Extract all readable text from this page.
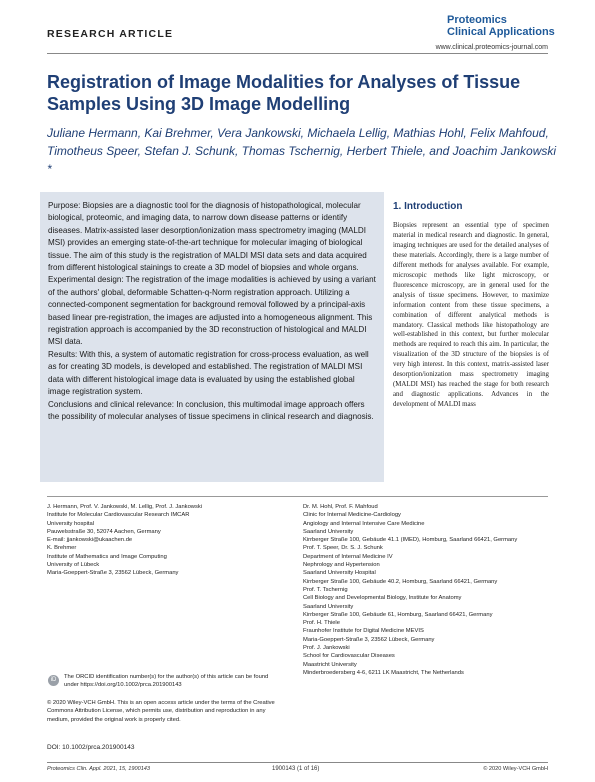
RESEARCH ARTICLE
Proteomics
Clinical Applications
www.clinical.proteomics-journal.com
Registration of Image Modalities for Analyses of Tissue Samples Using 3D Image Modelling
Juliane Hermann, Kai Brehmer, Vera Jankowski, Michaela Lellig, Mathias Hohl, Felix Mahfoud, Timotheus Speer, Stefan J. Schunk, Thomas Tschernig, Herbert Thiele, and Joachim Jankowski *

Purpose: Biopsies are a diagnostic tool for the diagnosis of histopathological, molecular biological, proteomic, and imaging data, to narrow down disease patterns or identify diseases. Matrix-assisted laser desorption/ionization mass spectrometry imaging (MALDI MSI) provides an emerging state-of-the-art technique for molecular imaging of biological tissue. The aim of this study is the registration of MALDI MSI data sets and data acquired from different histological stainings to create a 3D model of biopsies and whole organs.

Experimental design: The registration of the image modalities is achieved by using a variant of the authors' global, deformable Schatten-q-Norm registration approach. Utilizing a connected-component segmentation for background removal followed by a principal-axis based linear pre-registration, the images are adjusted into a homogeneous alignment. This registration approach is accompanied by the 3D reconstruction of histological and MALDI MSI data.

Results: With this, a system of automatic registration for cross-process evaluation, as well as for creating 3D models, is developed and established. The registration of MALDI MSI data with different histological image data is evaluated by using the established global image registration system.

Conclusions and clinical relevance: In conclusion, this multimodal image approach offers the possibility of molecular analyses of tissue specimens in clinical research and diagnosis.

1. Introduction

Biopsies represent an essential type of specimen material in medical research and diagnostic. In general, imaging techniques are used for the detailed analyses of these materials. Accordingly, there is a large number of different methods for analyses available. For example, microscopic methods like light microscopy, or fluorescence microscopy, are in general used for the analysis of tissue specimens. However, to maximize information content from these tissue specimens, a combination of different analytical methods is mandatory. Classical methods like histopathology are well-established in this context, but further molecular methods are required to reach this aim. In particular, the visualization of the 3D structure of the biopsies is of very high interest. In this context, matrix-assisted laser desorption/ionization mass spectrometry imaging (MALDI MSI) has reached the stage for both research and diagnostic applications. Advances in the development of MALDI mass

J. Hermann, Prof. V. Jankowski, M. Lellig, Prof. J. Jankowski
Institute for Molecular Cardiovascular Research IMCAR
University hospital
Pauwelsstraße 30, 52074 Aachen, Germany
E-mail: jjankowski@ukaachen.de
K. Brehmer
Institute of Mathematics and Image Computing
University of Lübeck
Maria-Goeppert-Straße 3, 23562 Lübeck, Germany
Dr. M. Hohl, Prof. F. Mahfoud
Clinic for Internal Medicine-Cardiology
Angiology and Internal Intensive Care Medicine
Saarland University
Kirrberger Straße 100, Gebäude 41.1 (IMED), Homburg, Saarland 66421, Germany
Prof. T. Speer, Dr. S. J. Schunk
Department of Internal Medicine IV
Nephrology and Hypertension
Saarland University Hospital
Kirrberger Straße 100, Gebäude 40.2, Homburg, Saarland 66421, Germany
Prof. T. Tschernig
Cell Biology and Developmental Biology, Institute for Anatomy
Saarland University
Kirrberger Straße 100, Gebäude 61, Homburg, Saarland 66421, Germany
Prof. H. Thiele
Fraunhofer Institute for Digital Medicine MEVIS
Maria-Goeppert-Straße 3, 23562 Lübeck, Germany
Prof. J. Jankowski
School for Cardiovascular Diseases
Maastricht University
Minderbroedersberg 4-6, 6211 LK Maastricht, The Netherlands
iD	The ORCID identification number(s) for the author(s) of this article can be found under https://doi.org/10.1002/prca.201900143
© 2020 Wiley-VCH GmbH. This is an open access article under the terms of the Creative Commons Attribution License, which permits use, distribution and reproduction in any medium, provided the original work is properly cited.
DOI: 10.1002/prca.201900143
Proteomics Clin. Appl. 2021, 15, 1900143	1900143 (1 of 16)	© 2020 Wiley-VCH GmbH
